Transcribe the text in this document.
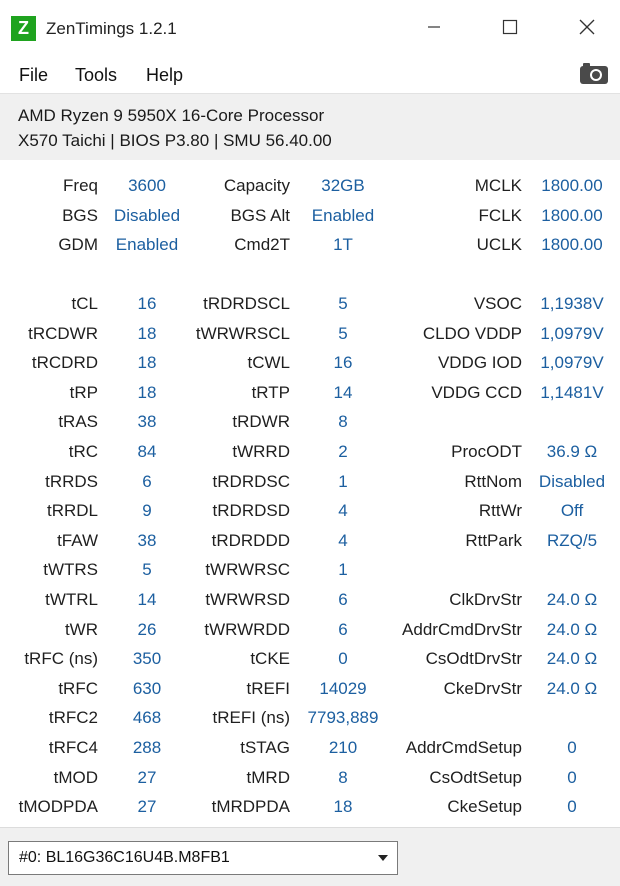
Z	ZenTimings 1.2.1
File Tools Help
AMD Ryzen 9 5950X 16-Core Processor
X570 Taichi | BIOS P3.80 | SMU 56.40.00
Freq	3600	Capacity	32GB	MCLK	1800.00
BGS Disabled	BGS Alt	Enabled	FCLK	1800.00
GDM	Enabled	Cmd2T	1T	UCLK	1800.00
tCL	16	tRDRDSCL	5	VSOC	1,1938V
tRCDWR	18	tWRWRSCL	5	CLDO VDDP	1,0979V
tRCDRD	18	tCWL	16	VDDG IOD	1,0979V
tRP	18	tRTP	14	VDDG CCD	1,1481V
tRAS	38	tRDWR	8
tRC	84	tWRRD	2	ProcODT	36.9 Ω
tRRDS	6	tRDRDSC	1	RttNom Disabled
tRRDL	9	tRDRDSD	4	RttWr	Off
tFAW	38	tRDRDDD	4	RttPark	RZQ/5
tWTRS	5	tWRWRSC	1
tWTRL	14	tWRWRSD	6	ClkDrvStr	24.0 Ω
tWR	26	tWRWRDD	6	AddrCmdDrvStr	24.0 Ω
tRFC (ns)	350	tCKE	0	CsOdtDrvStr	24.0 Ω
tRFC	630	tREFI	14029	CkeDrvStr	24.0 Ω
tRFC2	468	tREFI (ns)	7793,889
tRFC4	288	tSTAG	210	AddrCmdSetup	0
tMOD	27	tMRD	8	CsOdtSetup	0
tMODPDA	27	tMRDPDA	18	CkeSetup	0
#0: BL16G36C16U4B.M8FB1
